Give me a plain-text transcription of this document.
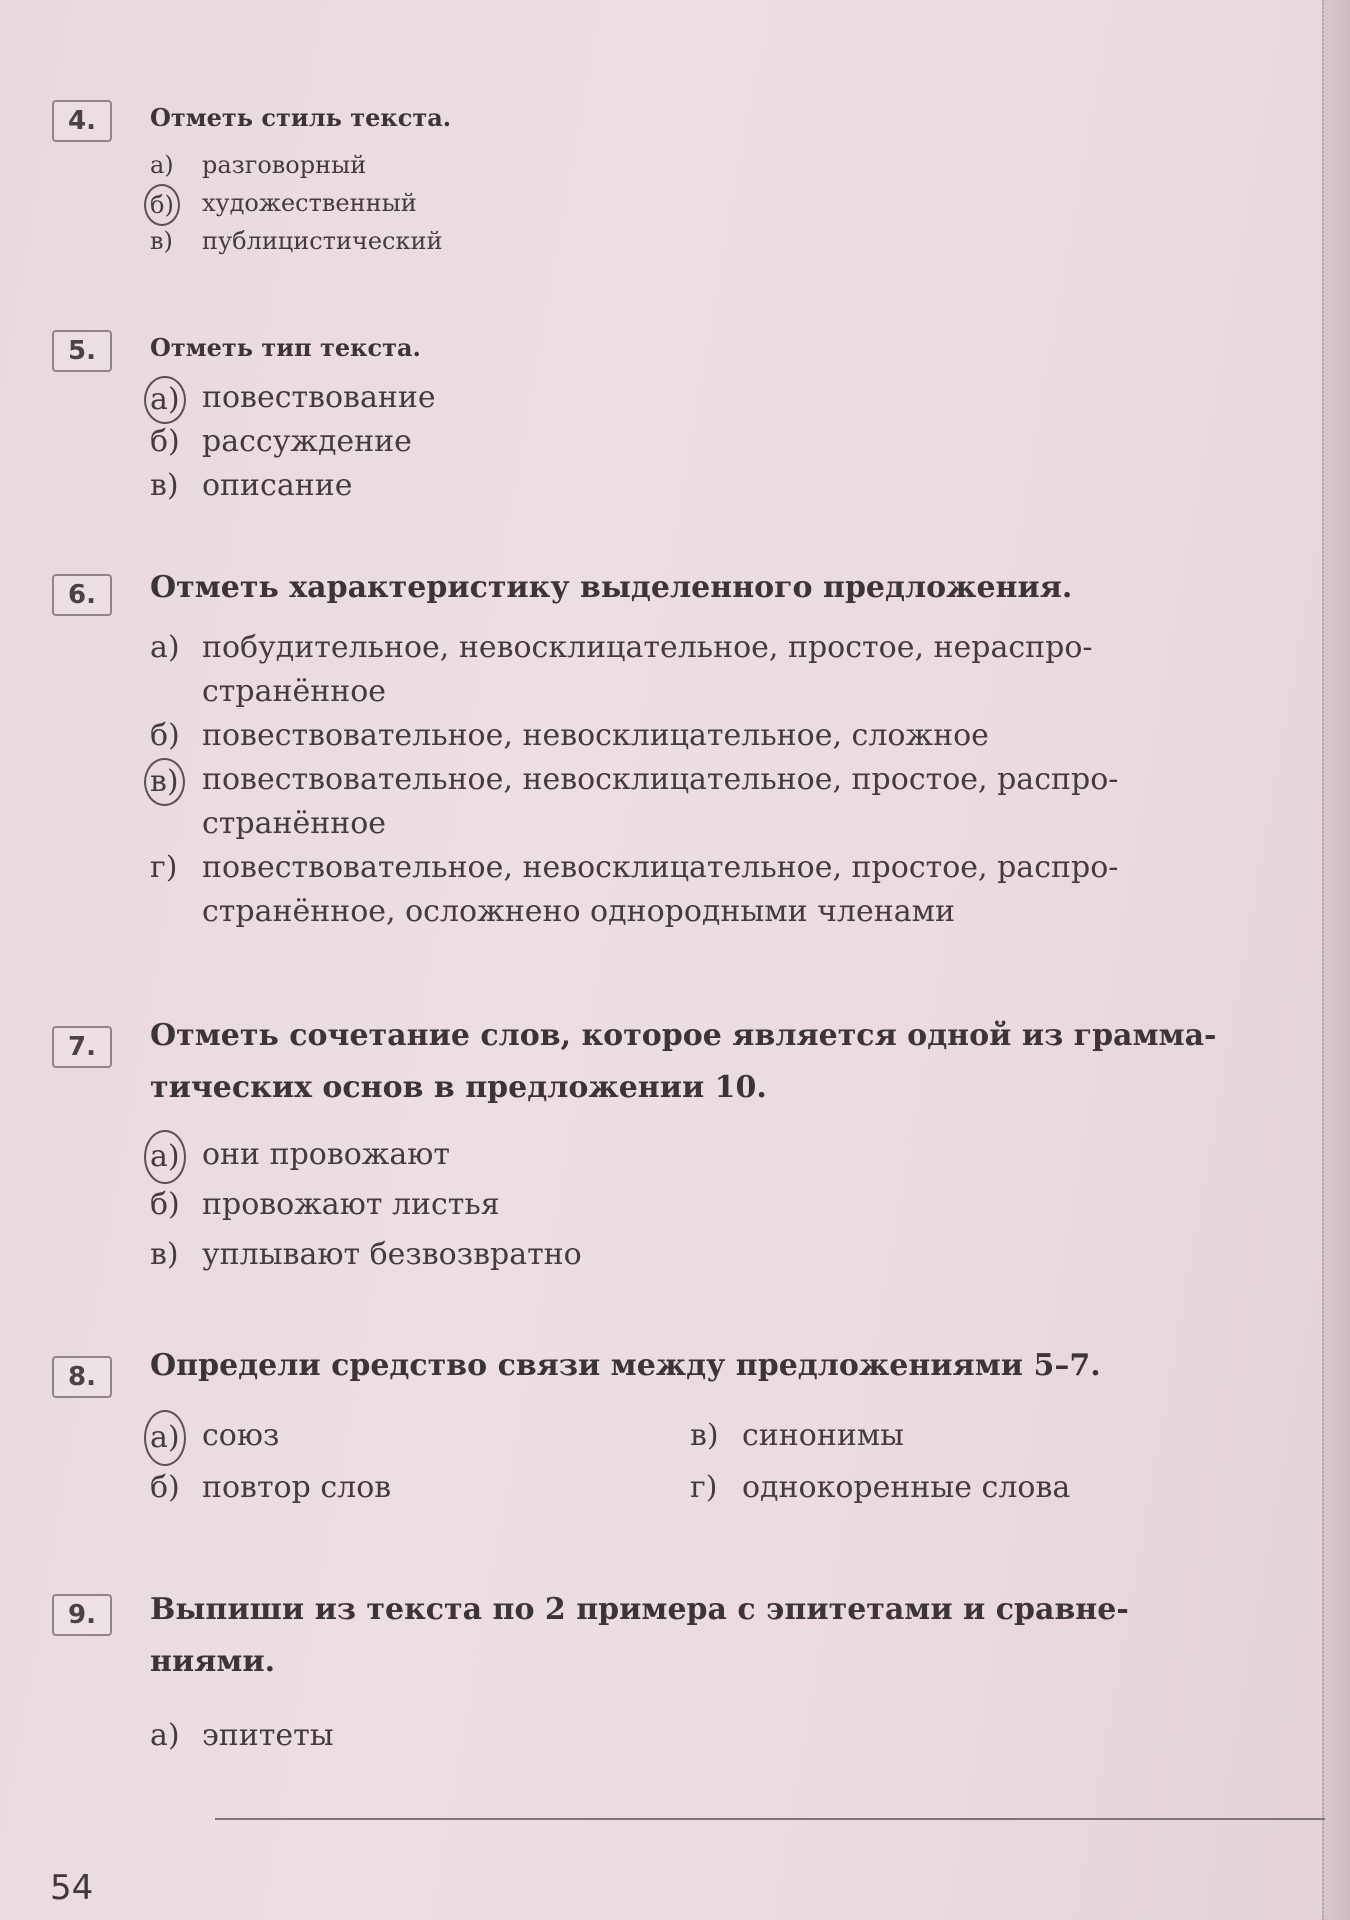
4.	Отметь стиль текста.
а) разговорный
б) художественный
в) публицистический
5.	Отметь тип текста.
а) повествование
б) рассуждение
в) описание
6.	Отметь характеристику выделенного предложения.
а) побудительное, невосклицательное, простое, нераспро-
странённое
б) повествовательное, невосклицательное, сложное
в) повествовательное, невосклицательное, простое, распро-
странённое
г) повествовательное, невосклицательное, простое, распро-
странённое, осложнено однородными членами
7.	Отметь сочетание слов, которое является одной из грамма-
тических основ в предложении 10.
а) они провожают
б) провожают листья
в) уплывают безвозвратно
8.	Определи средство связи между предложениями 5–7.
а) союз
б) повтор слов
в) синонимы
г) однокоренные слова
9.	Выпиши из текста по 2 примера с эпитетами и сравне-
ниями.
а) эпитеты
54
